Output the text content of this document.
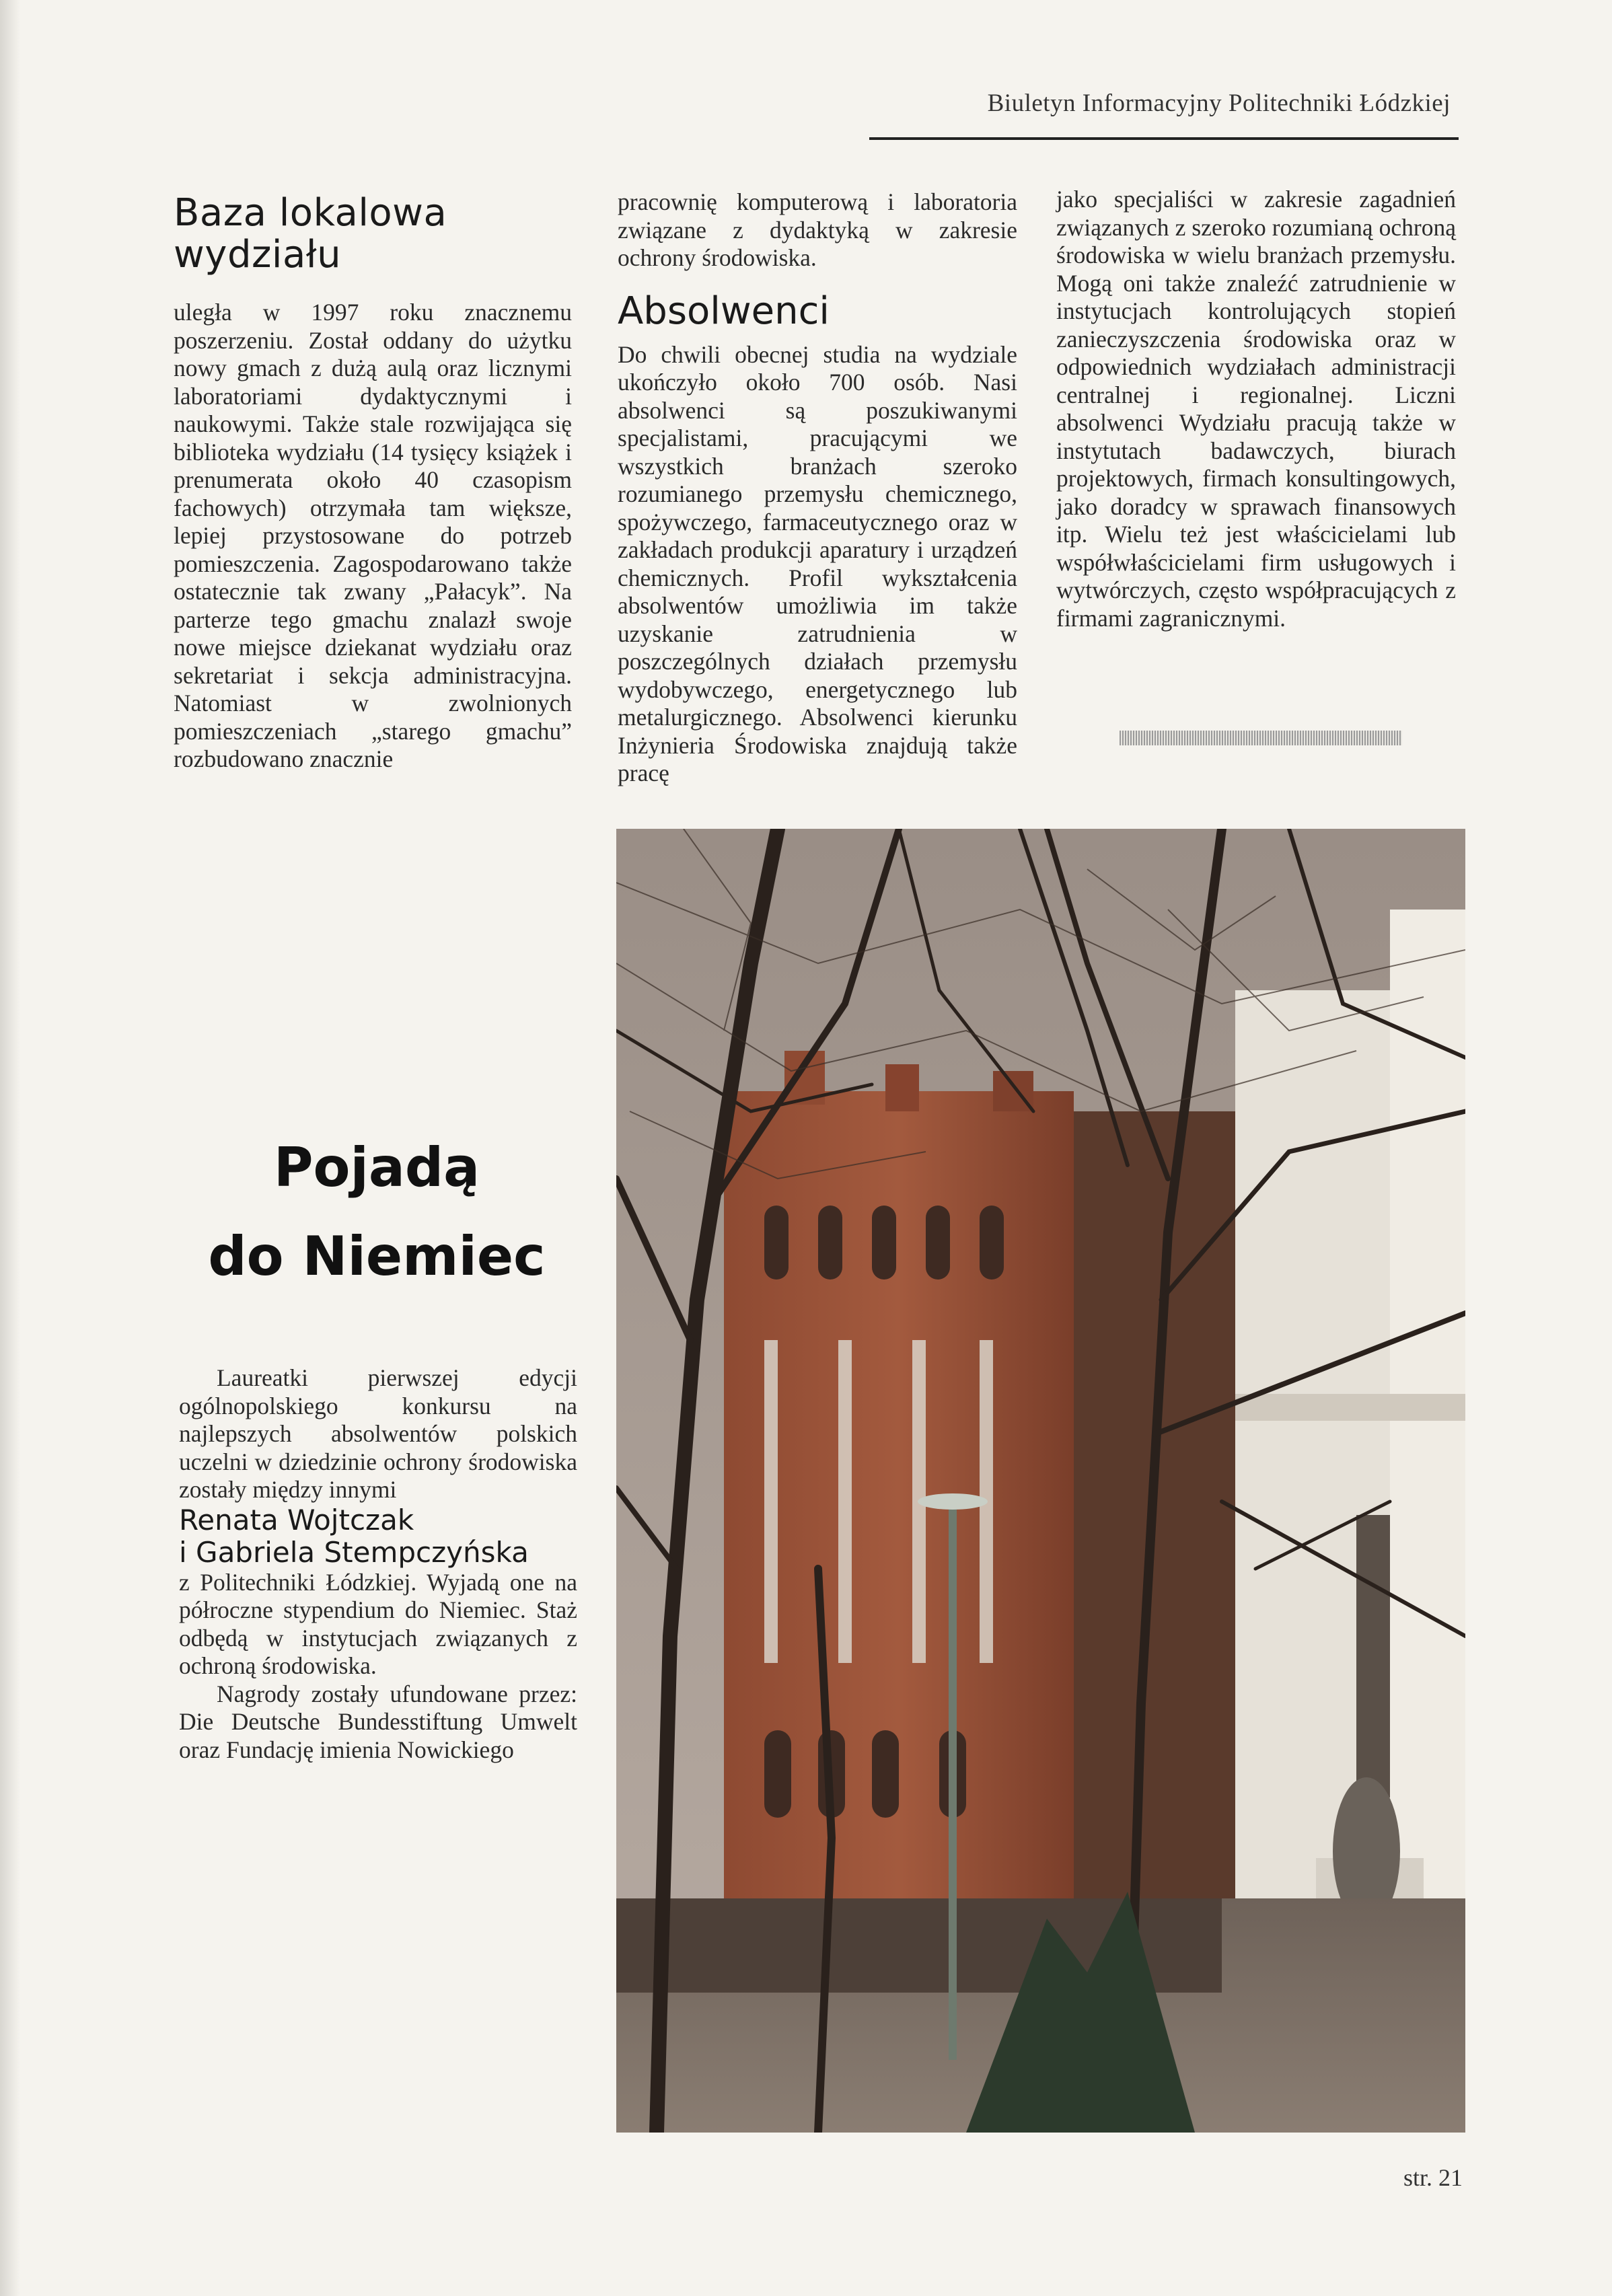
Biuletyn Informacyjny Politechniki Łódzkiej
Baza lokalowa
wydziału

uległa w 1997 roku znacznemu poszerzeniu. Został oddany do użytku nowy gmach z dużą aulą oraz licznymi laboratoriami dydaktycznymi i naukowymi. Także stale rozwijająca się biblioteka wydziału (14 tysięcy książek i prenumerata około 40 czasopism fachowych) otrzymała tam większe, lepiej przystosowane do potrzeb pomieszczenia. Zagospodarowano także ostatecznie tak zwany „Pałacyk”. Na parterze tego gmachu znalazł swoje nowe miejsce dziekanat wydziału oraz sekretariat i sekcja administracyjna. Natomiast w zwolnionych pomieszczeniach „starego gmachu” rozbudowano znacznie

pracownię komputerową i laboratoria związane z dydaktyką w zakresie ochrony środowiska.

Absolwenci

Do chwili obecnej studia na wydziale ukończyło około 700 osób. Nasi absolwenci są poszukiwanymi specjalistami, pracującymi we wszystkich branżach szeroko rozumianego przemysłu chemicznego, spożywczego, farmaceutycznego oraz w zakładach produkcji aparatury i urządzeń chemicznych. Profil wykształcenia absolwentów umożliwia im także uzyskanie zatrudnienia w poszczególnych działach przemysłu wydobywczego, energetycznego lub metalurgicznego. Absolwenci kierunku Inżynieria Środowiska znajdują także pracę

jako specjaliści w zakresie zagadnień związanych z szeroko rozumianą ochroną środowiska w wielu branżach przemysłu. Mogą oni także znaleźć zatrudnienie w instytucjach kontrolujących stopień zanieczyszczenia środowiska oraz w odpowiednich wydziałach administracji centralnej i regionalnej. Liczni absolwenci Wydziału pracują także w instytutach badawczych, biurach projektowych, firmach konsultingowych, jako doradcy w sprawach finansowych itp. Wielu też jest właścicielami lub współwłaścicielami firm usługowych i wytwórczych, często współpracujących z firmami zagranicznymi.

Pojadą
do Niemiec

Laureatki pierwszej edycji ogólnopolskiego konkursu na najlepszych absolwentów polskich uczelni w dziedzinie ochrony środowiska zostały między innymi

Renata Wojtczak

i Gabriela Stempczyńska

z Politechniki Łódzkiej. Wyjadą one na półroczne stypendium do Niemiec. Staż odbędą w instytucjach związanych z ochroną środowiska.

Nagrody zostały ufundowane przez: Die Deutsche Bundesstiftung Umwelt oraz Fundację imienia Nowickiego

str. 21
